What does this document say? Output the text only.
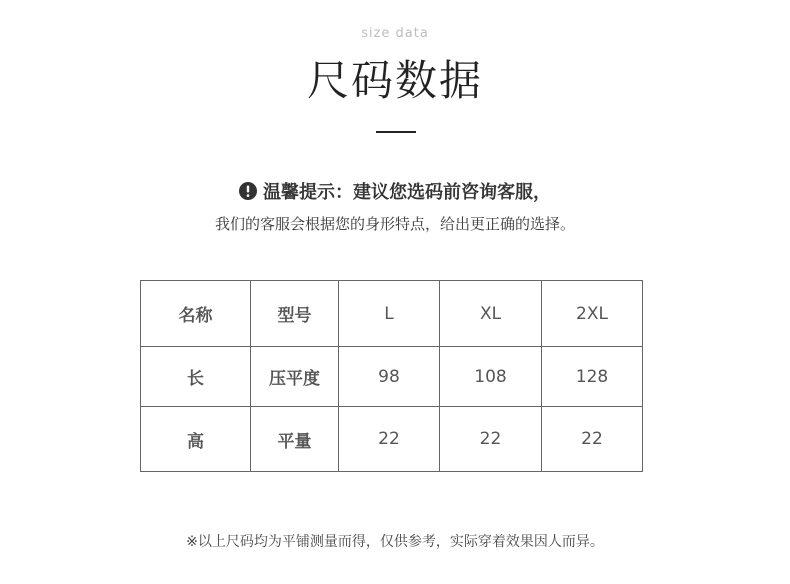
size data
尺码数据
温馨提示：建议您选码前咨询客服，
我们的客服会根据您的身形特点，给出更正确的选择。
名称	型号	L	XL	2XL
长	压平度	98	108	128
高	平量	22	22	22
※以上尺码均为平铺测量而得，仅供参考，实际穿着效果因人而异。
